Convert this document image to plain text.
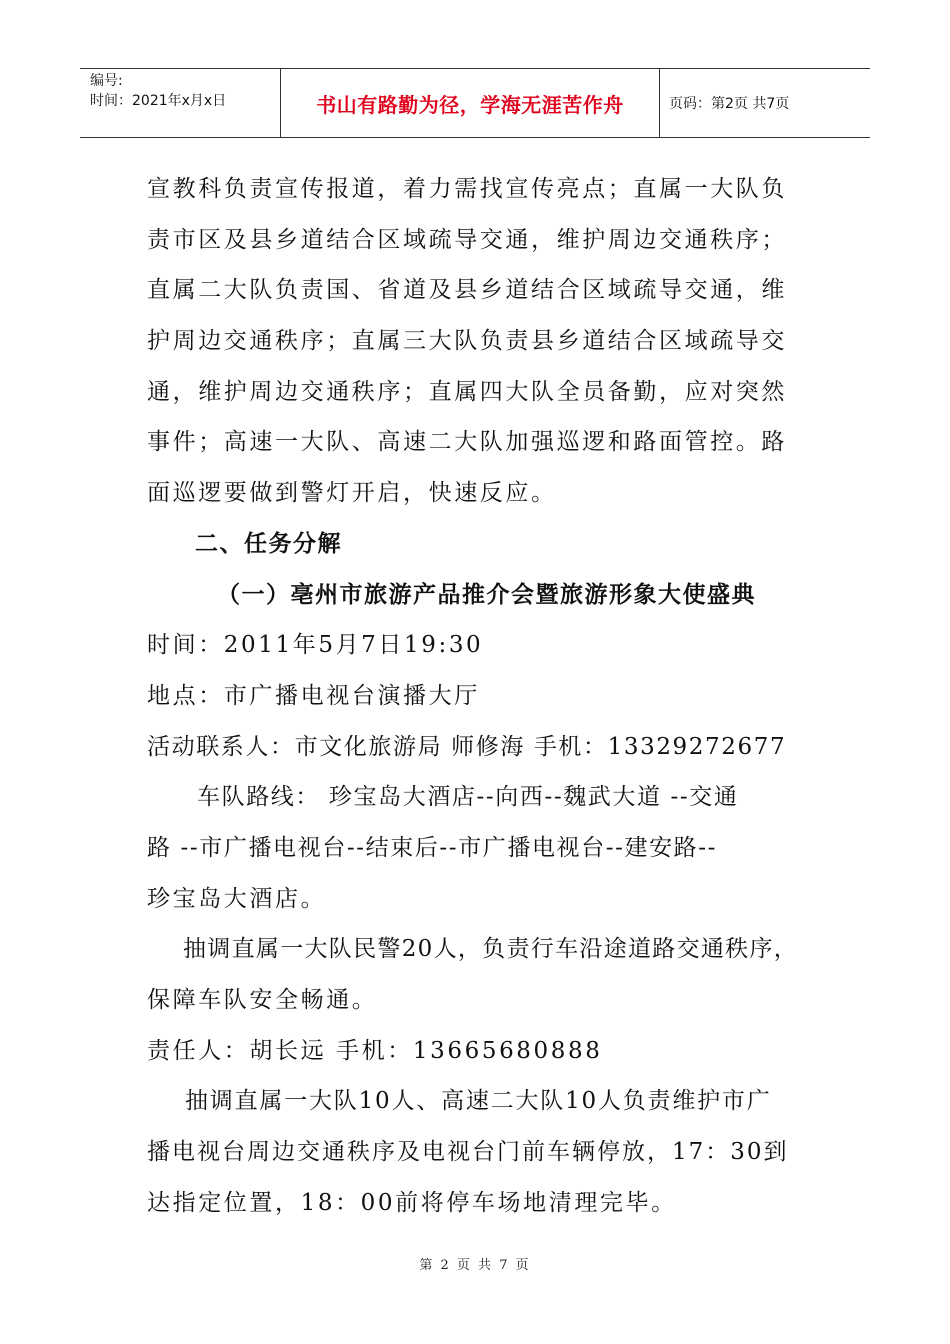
编号:
时间：2021年x月x日	书山有路勤为径，学海无涯苦作舟	页码：第2页 共7页
宣教科负责宣传报道，着力需找宣传亮点；直属一大队负
责市区及县乡道结合区域疏导交通，维护周边交通秩序；
直属二大队负责国、省道及县乡道结合区域疏导交通，维
护周边交通秩序；直属三大队负责县乡道结合区域疏导交
通，维护周边交通秩序；直属四大队全员备勤，应对突然
事件；高速一大队、高速二大队加强巡逻和路面管控。路
面巡逻要做到警灯开启，快速反应。
二、任务分解
（一）亳州市旅游产品推介会暨旅游形象大使盛典
时间：2011年5月7日19:30
地点：市广播电视台演播大厅
活动联系人：市文化旅游局 师修海 手机：13329272677
车队路线： 珍宝岛大酒店--向西--魏武大道 --交通
路 --市广播电视台--结束后--市广播电视台--建安路--
珍宝岛大酒店。
抽调直属一大队民警20人，负责行车沿途道路交通秩序，
保障车队安全畅通。
责任人：胡长远 手机：13665680888
抽调直属一大队10人、高速二大队10人负责维护市广
播电视台周边交通秩序及电视台门前车辆停放，17：30到
达指定位置，18：00前将停车场地清理完毕。
第 2 页 共 7 页
